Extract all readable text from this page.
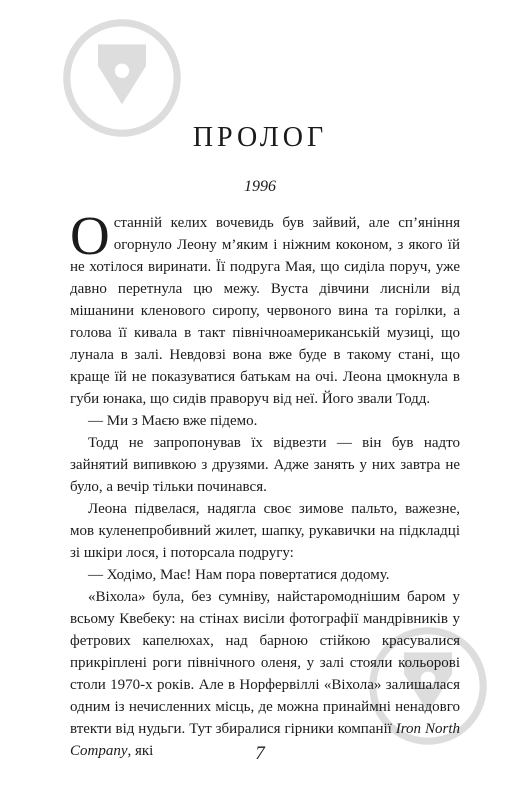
ПРОЛОГ
1996

Останній келих вочевидь був зайвий, але сп’яніння огорнуло Леону м’яким і ніжним коконом, з якого їй не хотілося виринати. Її подруга Мая, що сиділа поруч, уже давно перетнула цю межу. Вуста дівчини лисніли від мішанини кленового сиропу, червоного вина та горілки, а голова її кивала в такт північноамериканській музиці, що лунала в залі. Невдовзі вона вже буде в такому стані, що краще їй не показуватися батькам на очі. Леона цмокнула в губи юнака, що сидів праворуч від неї. Його звали Тодд.

— Ми з Маєю вже підемо.

Тодд не запропонував їх відвезти — він був надто зайнятий випивкою з друзями. Адже занять у них завтра не було, а вечір тільки починався.

Леона підвелася, надягла своє зимове пальто, важезне, мов куленепробивний жилет, шапку, рукавички на підкладці зі шкіри лося, і поторсала подругу:

— Ходімо, Має! Нам пора повертатися додому.

«Віхола» була, без сумніву, найстаромоднішим баром у всьому Квебеку: на стінах висіли фотографії мандрівників у фетрових капелюхах, над барною стійкою красувалися прикріплені роги північного оленя, у залі стояли кольорові столи 1970-х років. Але в Норфервіллі «Віхола» залишалася одним із нечисленних місць, де можна принаймні ненадовго втекти від нудьги. Тут збиралися гірники компанії Iron North Company, які	7
